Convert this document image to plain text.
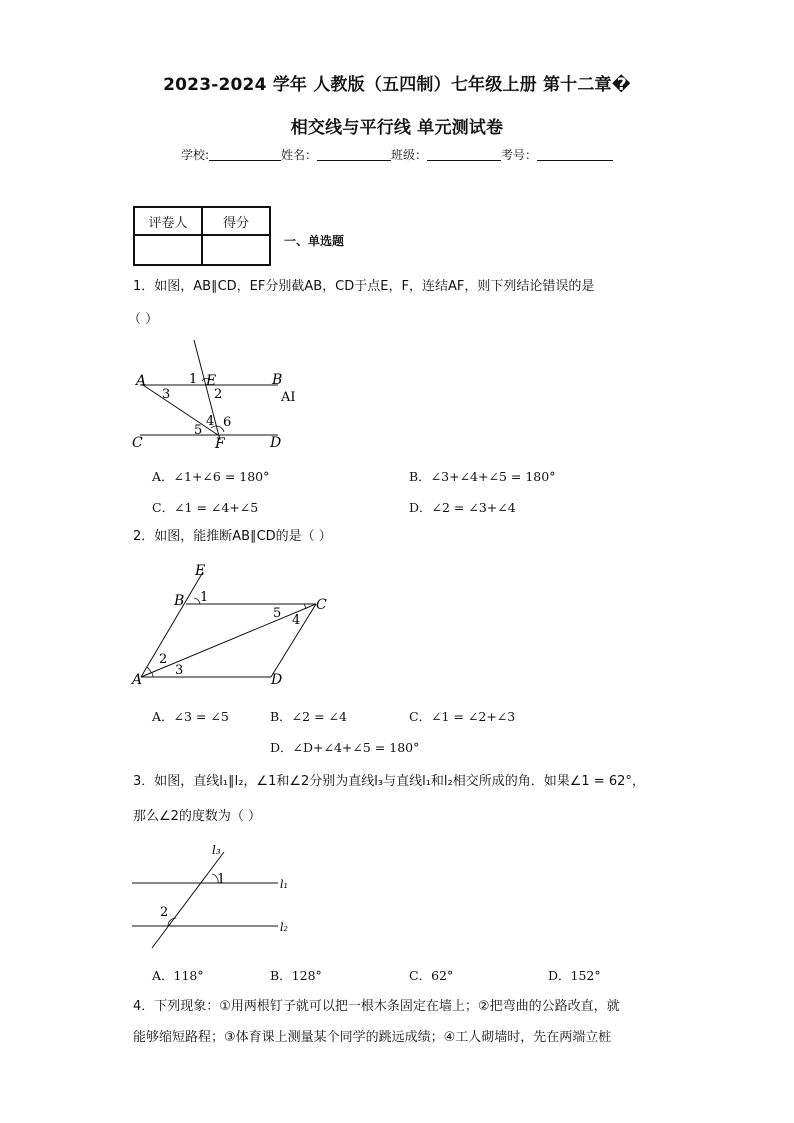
2023-2024 学年 人教版（五四制）七年级上册 第十二章�
相交线与平行线 单元测试卷
学校:	姓名：	班级：	考号：
评卷人	得分

一、单选题
1．如图，AB∥CD，EF分别截AB，CD于点E，F，连结AF，则下列结论错误的是
（ ）
A	B
C	D
E
F
1
2
3
4
5
6
AI
A．∠1+∠6 = 180°	B．∠3+∠4+∠5 = 180°
C．∠1 = ∠4+∠5	D．∠2 = ∠3+∠4
2．如图，能推断AB∥CD的是（ ）
A
B	C
D
E
1
2
3
4
5
A．∠3 = ∠5	B．∠2 = ∠4	C．∠1 = ∠2+∠3
D．∠D+∠4+∠5 = 180°
3．如图，直线l₁∥l₂，∠1和∠2分别为直线l₃与直线l₁和l₂相交所成的角．如果∠1 = 62°，
那么∠2的度数为（ ）
l₃
l₁
l₂
1
2
A．118°	B．128°	C．62°	D．152°
4．下列现象：①用两根钉子就可以把一根木条固定在墙上；②把弯曲的公路改直，就
能够缩短路程；③体育课上测量某个同学的跳远成绩；④工人砌墙时，先在两端立桩
